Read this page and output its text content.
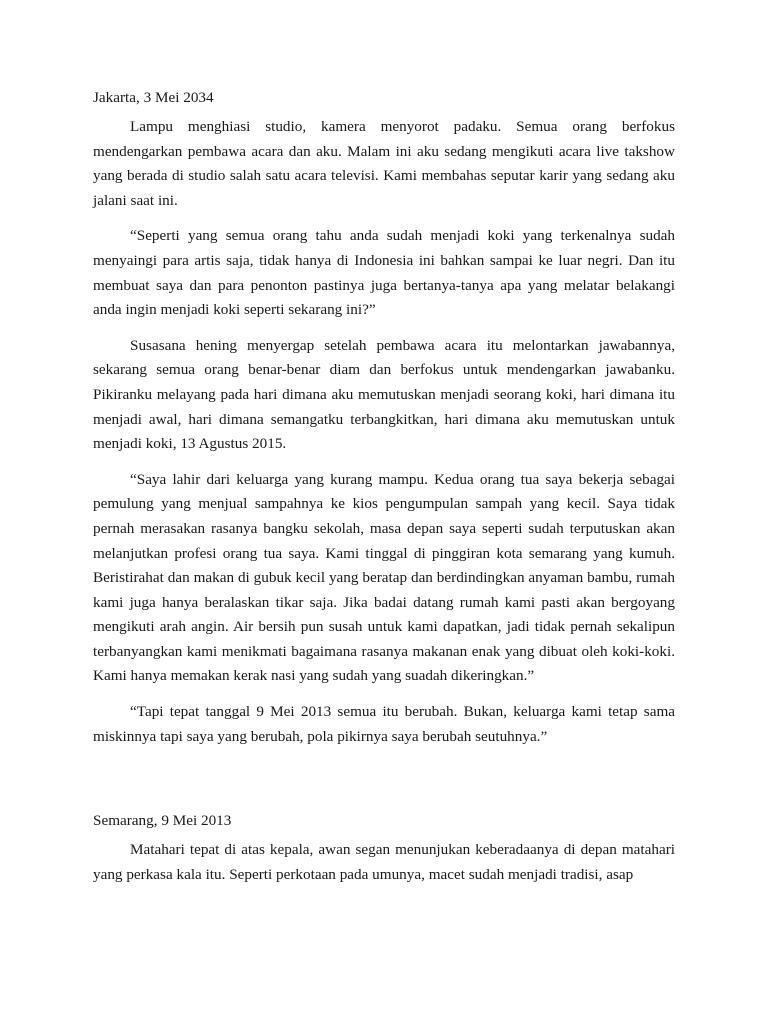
Jakarta, 3 Mei 2034

Lampu menghiasi studio, kamera menyorot padaku. Semua orang berfokus mendengarkan pembawa acara dan aku. Malam ini aku sedang mengikuti acara live takshow yang berada di studio salah satu acara televisi. Kami membahas seputar karir yang sedang aku jalani saat ini.

“Seperti yang semua orang tahu anda sudah menjadi koki yang terkenalnya sudah menyaingi para artis saja, tidak hanya di Indonesia ini bahkan sampai ke luar negri. Dan itu membuat saya dan para penonton pastinya juga bertanya-tanya apa yang melatar belakangi anda ingin menjadi koki seperti sekarang ini?”

Susasana hening menyergap setelah pembawa acara itu melontarkan jawabannya, sekarang semua orang benar-benar diam dan berfokus untuk mendengarkan jawabanku. Pikiranku melayang pada hari dimana aku memutuskan menjadi seorang koki, hari dimana itu menjadi awal, hari dimana semangatku terbangkitkan, hari dimana aku memutuskan untuk menjadi koki, 13 Agustus 2015.

“Saya lahir dari keluarga yang kurang mampu. Kedua orang tua saya bekerja sebagai pemulung yang menjual sampahnya ke kios pengumpulan sampah yang kecil. Saya tidak pernah merasakan rasanya bangku sekolah, masa depan saya seperti sudah terputuskan akan melanjutkan profesi orang tua saya. Kami tinggal di pinggiran kota semarang yang kumuh. Beristirahat dan makan di gubuk kecil yang beratap dan berdindingkan anyaman bambu, rumah kami juga hanya beralaskan tikar saja. Jika badai datang rumah kami pasti akan bergoyang mengikuti arah angin. Air bersih pun susah untuk kami dapatkan, jadi tidak pernah sekalipun terbanyangkan kami menikmati bagaimana rasanya makanan enak yang dibuat oleh koki-koki. Kami hanya memakan kerak nasi yang sudah yang suadah dikeringkan.”

“Tapi tepat tanggal 9 Mei 2013 semua itu berubah. Bukan, keluarga kami tetap sama miskinnya tapi saya yang berubah, pola pikirnya saya berubah seutuhnya.”

Semarang, 9 Mei 2013

Matahari tepat di atas kepala, awan segan menunjukan keberadaanya di depan matahari yang perkasa kala itu. Seperti perkotaan pada umunya, macet sudah menjadi tradisi, asap
